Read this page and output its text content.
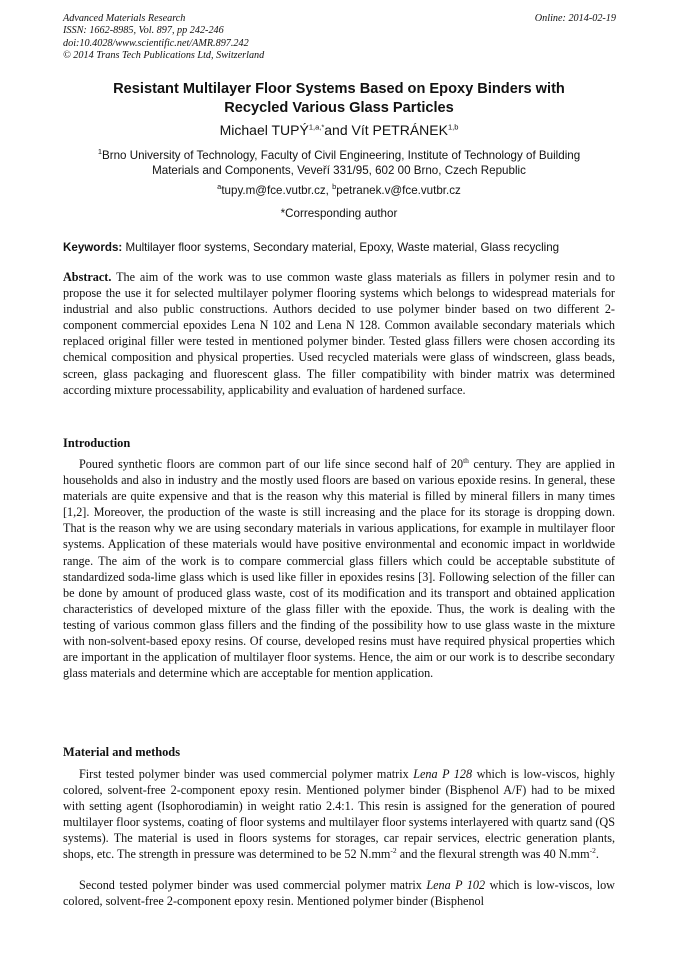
Advanced Materials Research
ISSN: 1662-8985, Vol. 897, pp 242-246
doi:10.4028/www.scientific.net/AMR.897.242
© 2014 Trans Tech Publications Ltd, Switzerland
Online: 2014-02-19
Resistant Multilayer Floor Systems Based on Epoxy Binders with
Recycled Various Glass Particles
Michael $TUPÝ^{1,a,*}and$ Vít PETRÁNEK$^{1,b}$
$^1$Brno University of Technology, Faculty of Civil Engineering, Institute of Technology of Building
Materials and Components, Veveří 331/95, 602 00 Brno, Czech Republic
$^a$tupy.m@fce.vutbr.cz, $^b$petranek.v@fce.vutbr.cz
*Corresponding author
Keywords: Multilayer floor systems, Secondary material, Epoxy, Waste material, Glass recycling

Abstract. The aim of the work was to use common waste glass materials as fillers in polymer resin and to propose the use it for selected multilayer polymer flooring systems which belongs to widespread materials for industrial and also public constructions. Authors decided to use polymer binder based on two different 2-component commercial epoxides Lena N 102 and Lena N 128. Common available secondary materials which replaced original filler were tested in mentioned polymer binder. Tested glass fillers were chosen according its chemical composition and physical properties. Used recycled materials were glass of windscreen, glass beads, screen, glass packaging and fluorescent glass. The filler compatibility with binder matrix was determined according mixture processability, applicability and evaluation of hardened surface.

Introduction

Poured synthetic floors are common part of our life since second half of 20th century. They are applied in households and also in industry and the mostly used floors are based on various epoxide resins. In general, these materials are quite expensive and that is the reason why this material is filled by mineral fillers in many times [1,2]. Moreover, the production of the waste is still increasing and the place for its storage is dropping down. That is the reason why we are using secondary materials in various applications, for example in multilayer floor systems. Application of these materials would have positive environmental and economic impact in worldwide range. The aim of the work is to compare commercial glass fillers which could be acceptable substitute of standardized soda-lime glass which is used like filler in epoxides resins [3]. Following selection of the filler can be done by amount of produced glass waste, cost of its modification and its transport and obtained application characteristics of developed mixture of the glass filler with the epoxide. Thus, the work is dealing with the testing of various common glass fillers and the finding of the possibility how to use glass waste in the mixture with non-solvent-based epoxy resins. Of course, developed resins must have required physical properties which are important in the application of multilayer floor systems. Hence, the aim or our work is to describe secondary glass materials and determine which are acceptable for mention application.

Material and methods

First tested polymer binder was used commercial polymer matrix Lena P 128 which is low-viscos, highly colored, solvent-free 2-component epoxy resin. Mentioned polymer binder (Bisphenol A/F) had to be mixed with setting agent (Isophorodiamin) in weight ratio 2.4:1. This resin is assigned for the generation of poured multilayer floor systems, coating of floor systems and multilayer floor systems interlayered with quartz sand (QS systems). The material is used in floors systems for storages, car repair services, electric generation plants, shops, etc. The strength in pressure was determined to be 52 $N.mm^{-2}$ and the flexural strength was 40 $N.mm^{-2}$.

Second tested polymer binder was used commercial polymer matrix Lena P 102 which is low-viscos, low colored, solvent-free 2-component epoxy resin. Mentioned polymer binder (Bisphenol
